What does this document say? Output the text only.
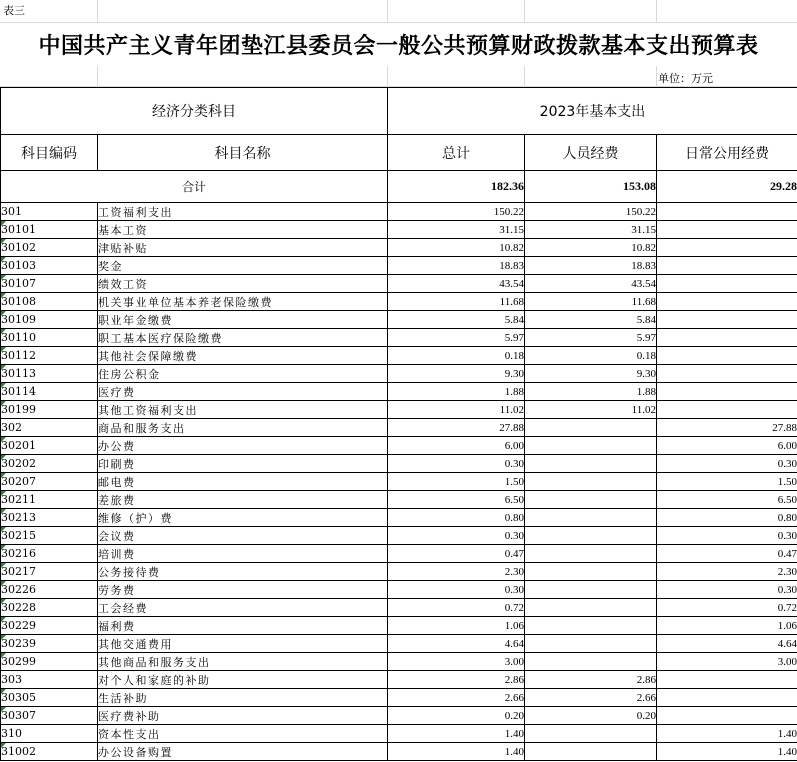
表三
中国共产主义青年团垫江县委员会一般公共预算财政拨款基本支出预算表
单位：万元
经济分类科目		2023年基本支出		
科目编码	科目名称	总计	人员经费	日常公用经费
合计		182.36	153.08	29.28
301	工资福利支出	150.22	150.22	
30101	基本工资	31.15	31.15	
30102	津贴补贴	10.82	10.82	
30103	奖金	18.83	18.83	
30107	绩效工资	43.54	43.54	
30108	机关事业单位基本养老保险缴费	11.68	11.68	
30109	职业年金缴费	5.84	5.84	
30110	职工基本医疗保险缴费	5.97	5.97	
30112	其他社会保障缴费	0.18	0.18	
30113	住房公积金	9.30	9.30	
30114	医疗费	1.88	1.88	
30199	其他工资福利支出	11.02	11.02	
302	商品和服务支出	27.88		27.88
30201	办公费	6.00		6.00
30202	印刷费	0.30		0.30
30207	邮电费	1.50		1.50
30211	差旅费	6.50		6.50
30213	维修（护）费	0.80		0.80
30215	会议费	0.30		0.30
30216	培训费	0.47		0.47
30217	公务接待费	2.30		2.30
30226	劳务费	0.30		0.30
30228	工会经费	0.72		0.72
30229	福利费	1.06		1.06
30239	其他交通费用	4.64		4.64
30299	其他商品和服务支出	3.00		3.00
303	对个人和家庭的补助	2.86	2.86	
30305	生活补助	2.66	2.66	
30307	医疗费补助	0.20	0.20	
310	资本性支出	1.40		1.40
31002	办公设备购置	1.40		1.40
